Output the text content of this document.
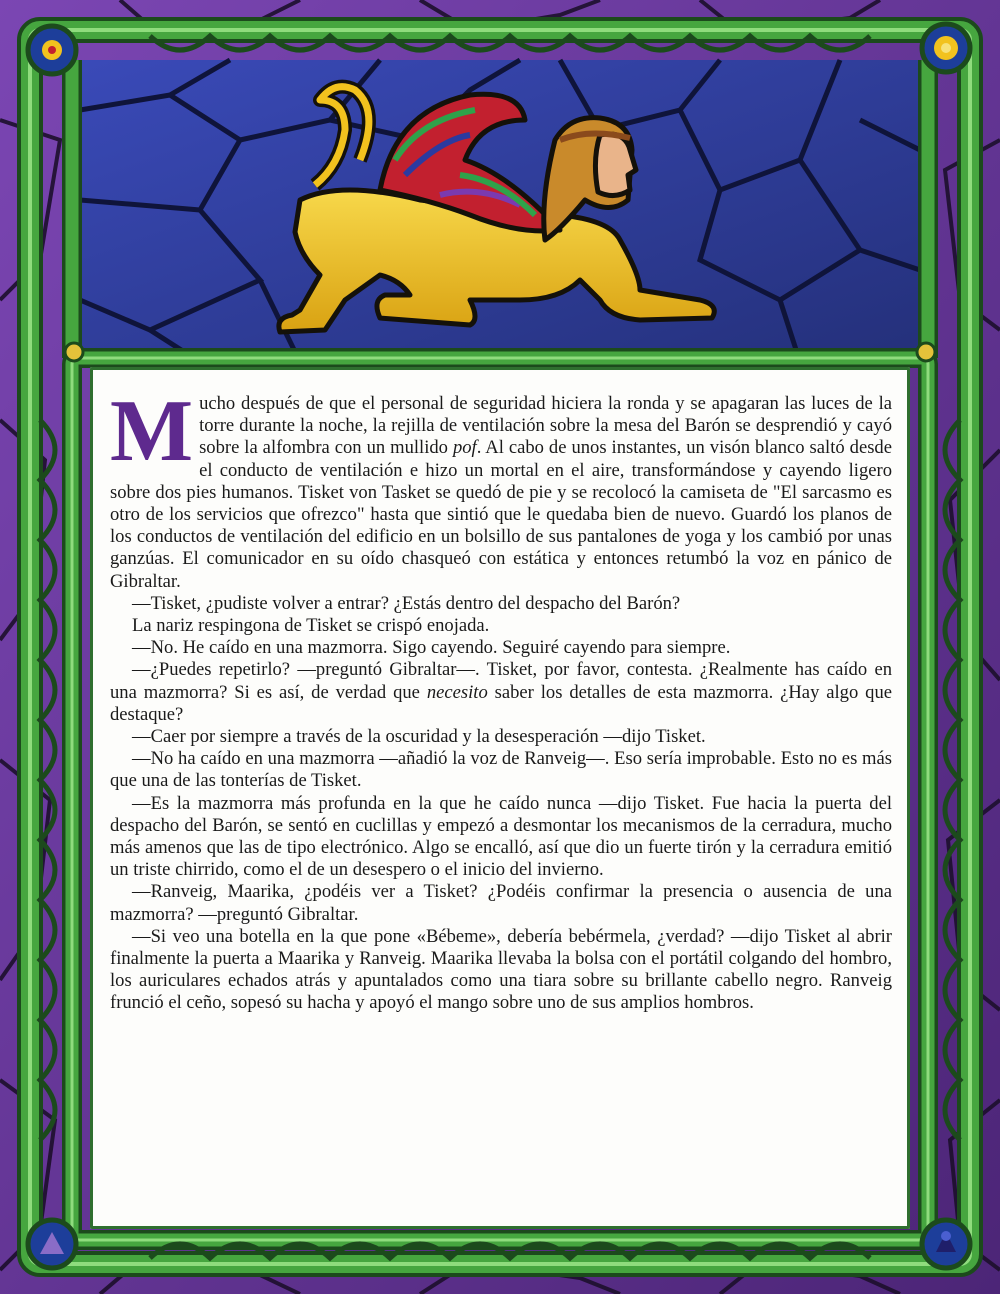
Mucho después de que el personal de seguridad hiciera la ronda y se apagaran las luces de la torre durante la noche, la rejilla de ventilación sobre la mesa del Barón se desprendió y cayó sobre la alfombra con un mullido pof. Al cabo de unos instantes, un visón blanco saltó desde el conducto de ventilación e hizo un mortal en el aire, transformándose y cayendo ligero sobre dos pies humanos. Tisket von Tasket se quedó de pie y se recolocó la camiseta de "El sarcasmo es otro de los servicios que ofrezco" hasta que sintió que le quedaba bien de nuevo. Guardó los planos de los conductos de ventilación del edificio en un bolsillo de sus pantalones de yoga y los cambió por unas ganzúas. El comunicador en su oído chasqueó con estática y entonces retumbó la voz en pánico de Gibraltar.

—Tisket, ¿pudiste volver a entrar? ¿Estás dentro del despacho del Barón?

La nariz respingona de Tisket se crispó enojada.

—No. He caído en una mazmorra. Sigo cayendo. Seguiré cayendo para siempre.

—¿Puedes repetirlo? —preguntó Gibraltar—. Tisket, por favor, contesta. ¿Realmente has caído en una mazmorra? Si es así, de verdad que necesito saber los detalles de esta mazmorra. ¿Hay algo que destaque?

—Caer por siempre a través de la oscuridad y la desesperación —dijo Tisket.

—No ha caído en una mazmorra —añadió la voz de Ranveig—. Eso sería improbable. Esto no es más que una de las tonterías de Tisket.

—Es la mazmorra más profunda en la que he caído nunca —dijo Tisket. Fue hacia la puerta del despacho del Barón, se sentó en cuclillas y empezó a desmontar los mecanismos de la cerradura, mucho más amenos que las de tipo electrónico. Algo se encalló, así que dio un fuerte tirón y la cerradura emitió un triste chirrido, como el de un desespero o el inicio del invierno.

—Ranveig, Maarika, ¿podéis ver a Tisket? ¿Podéis confirmar la presencia o ausencia de una mazmorra? —preguntó Gibraltar.

—Si veo una botella en la que pone «Bébeme», debería bebérmela, ¿verdad? —dijo Tisket al abrir finalmente la puerta a Maarika y Ranveig. Maarika llevaba la bolsa con el portátil colgando del hombro, los auriculares echados atrás y apuntalados como una tiara sobre su brillante cabello negro. Ranveig frunció el ceño, sopesó su hacha y apoyó el mango sobre uno de sus amplios hombros.
